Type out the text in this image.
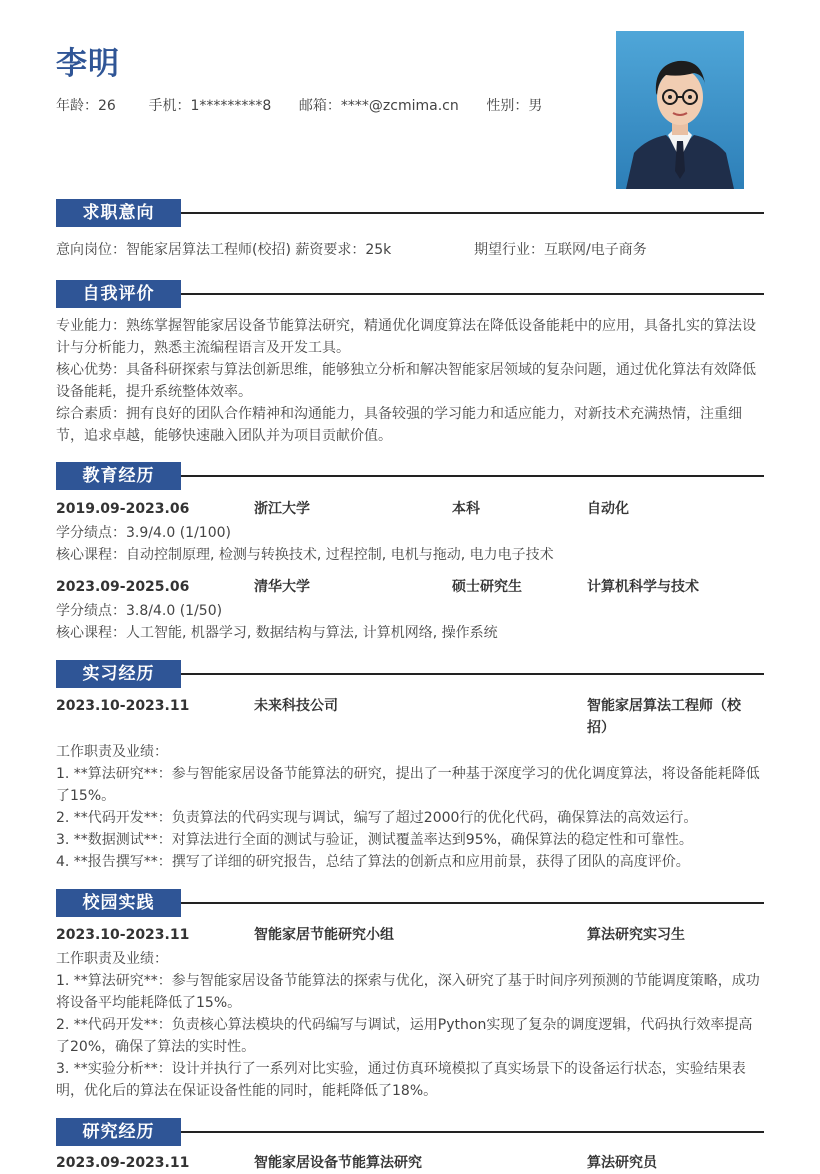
李明
年龄：26 手机：1*********8 邮箱：****@zcmima.cn 性别：男
求职意向
意向岗位：智能家居算法工程师(校招) 薪资要求：25k	期望行业：互联网/电子商务
自我评价

专业能力：熟练掌握智能家居设备节能算法研究，精通优化调度算法在降低设备能耗中的应用，具备扎实的算法设计与分析能力，熟悉主流编程语言及开发工具。

核心优势：具备科研探索与算法创新思维，能够独立分析和解决智能家居领域的复杂问题，通过优化算法有效降低设备能耗，提升系统整体效率。

综合素质：拥有良好的团队合作精神和沟通能力，具备较强的学习能力和适应能力，对新技术充满热情，注重细节，追求卓越，能够快速融入团队并为项目贡献价值。

教育经历
2019.09-2023.06	浙江大学	本科	自动化
学分绩点：3.9/4.0 (1/100)
核心课程：自动控制原理, 检测与转换技术, 过程控制, 电机与拖动, 电力电子技术
2023.09-2025.06	清华大学	硕士研究生	计算机科学与技术
学分绩点：3.8/4.0 (1/50)
核心课程：人工智能, 机器学习, 数据结构与算法, 计算机网络, 操作系统
实习经历
2023.10-2023.11	未来科技公司	智能家居算法工程师（校招）

工作职责及业绩：

1. **算法研究**：参与智能家居设备节能算法的研究，提出了一种基于深度学习的优化调度算法，将设备能耗降低了15%。

2. **代码开发**：负责算法的代码实现与调试，编写了超过2000行的优化代码，确保算法的高效运行。

3. **数据测试**：对算法进行全面的测试与验证，测试覆盖率达到95%，确保算法的稳定性和可靠性。

4. **报告撰写**：撰写了详细的研究报告，总结了算法的创新点和应用前景，获得了团队的高度评价。

校园实践
2023.10-2023.11	智能家居节能研究小组	算法研究实习生

工作职责及业绩：

1. **算法研究**：参与智能家居设备节能算法的探索与优化，深入研究了基于时间序列预测的节能调度策略，成功将设备平均能耗降低了15%。

2. **代码开发**：负责核心算法模块的代码编写与调试，运用Python实现了复杂的调度逻辑，代码执行效率提高了20%，确保了算法的实时性。

3. **实验分析**：设计并执行了一系列对比实验，通过仿真环境模拟了真实场景下的设备运行状态，实验结果表明，优化后的算法在保证设备性能的同时，能耗降低了18%。

研究经历
2023.09-2023.11	智能家居设备节能算法研究	算法研究员
